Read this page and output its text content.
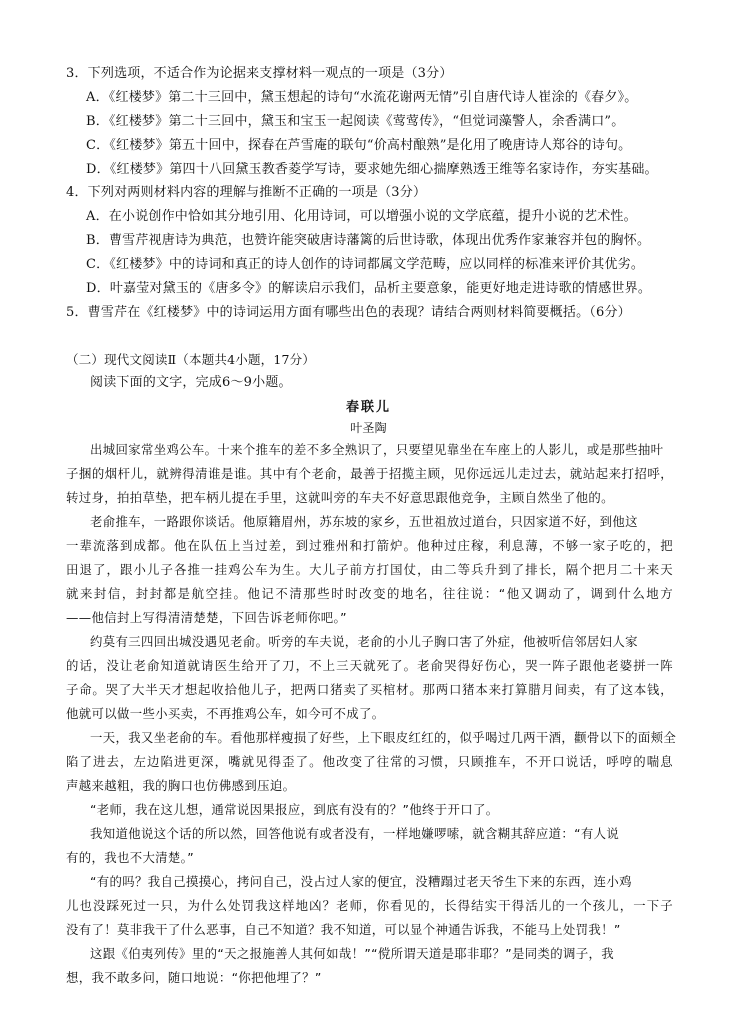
3．下列选项，不适合作为论据来支撑材料一观点的一项是（3分）
A．《红楼梦》第二十三回中，黛玉想起的诗句“水流花谢两无情”引自唐代诗人崔涂的《春夕》。
B．《红楼梦》第二十三回中，黛玉和宝玉一起阅读《莺莺传》，“但觉词藻警人，余香满口”。
C．《红楼梦》第五十回中，探春在芦雪庵的联句“价高村酿熟”是化用了晚唐诗人郑谷的诗句。
D．《红楼梦》第四十八回黛玉教香菱学写诗，要求她先细心揣摩熟透王维等名家诗作，夯实基础。
4．下列对两则材料内容的理解与推断不正确的一项是（3分）
A．在小说创作中恰如其分地引用、化用诗词，可以增强小说的文学底蕴，提升小说的艺术性。
B．曹雪芹视唐诗为典范，也赞许能突破唐诗藩篱的后世诗歌，体现出优秀作家兼容并包的胸怀。
C．《红楼梦》中的诗词和真正的诗人创作的诗词都属文学范畴，应以同样的标准来评价其优劣。
D．叶嘉莹对黛玉的《唐多令》的解读启示我们，品析主要意象，能更好地走进诗歌的情感世界。
5．曹雪芹在《红楼梦》中的诗词运用方面有哪些出色的表现？请结合两则材料简要概括。（6分）
（二）现代文阅读Ⅱ（本题共4小题，17分）
阅读下面的文字，完成6～9小题。
春联儿
叶圣陶
出城回家常坐鸡公车。十来个推车的差不多全熟识了，只要望见靠坐在车座上的人影儿，或是那些抽叶
子捆的烟杆儿，就辨得清谁是谁。其中有个老俞，最善于招揽主顾，见你远远儿走过去，就站起来打招呼，
转过身，拍拍草垫，把车柄儿提在手里，这就叫旁的车夫不好意思跟他竞争，主顾自然坐了他的。
老俞推车，一路跟你谈话。他原籍眉州，苏东坡的家乡，五世祖放过道台，只因家道不好，到他这
一辈流落到成都。他在队伍上当过差，到过雅州和打箭炉。他种过庄稼，利息薄，不够一家子吃的，把
田退了，跟小儿子各推一挂鸡公车为生。大儿子前方打国仗，由二等兵升到了排长，隔个把月二十来天
就来封信，封封都是航空挂。他记不清那些时时改变的地名，往往说：“他又调动了，调到什么地方
——他信封上写得清清楚楚，下回告诉老师你吧。”
约莫有三四回出城没遇见老俞。听旁的车夫说，老俞的小儿子胸口害了外症，他被听信邻居妇人家
的话，没让老俞知道就请医生给开了刀，不上三天就死了。老俞哭得好伤心，哭一阵子跟他老婆拼一阵
子命。哭了大半天才想起收拾他儿子，把两口猪卖了买棺材。那两口猪本来打算腊月间卖，有了这本钱，
他就可以做一些小买卖，不再推鸡公车，如今可不成了。
一天，我又坐老俞的车。看他那样瘦损了好些，上下眼皮红红的，似乎喝过几两干酒，颧骨以下的面颊全
陷了进去，左边陷进更深，嘴就见得歪了。他改变了往常的习惯，只顾推车，不开口说话，呼哼的喘息
声越来越粗，我的胸口也仿佛感到压迫。
“老师，我在这儿想，通常说因果报应，到底有没有的？”他终于开口了。
我知道他说这个话的所以然，回答他说有或者没有，一样地嫌啰嗦，就含糊其辞应道：“有人说
有的，我也不大清楚。”
“有的吗？我自己摸摸心，拷问自己，没占过人家的便宜，没糟蹋过老天爷生下来的东西，连小鸡
儿也没踩死过一只，为什么处罚我这样地凶？老师，你看见的，长得结实干得活儿的一个孩儿，一下子
没有了！莫非我干了什么恶事，自己不知道？我不知道，可以显个神通告诉我，不能马上处罚我！”
这跟《伯夷列传》里的“天之报施善人其何如哉！”“傥所谓天道是耶非耶？”是同类的调子，我
想，我不敢多问，随口地说：“你把他埋了？”
